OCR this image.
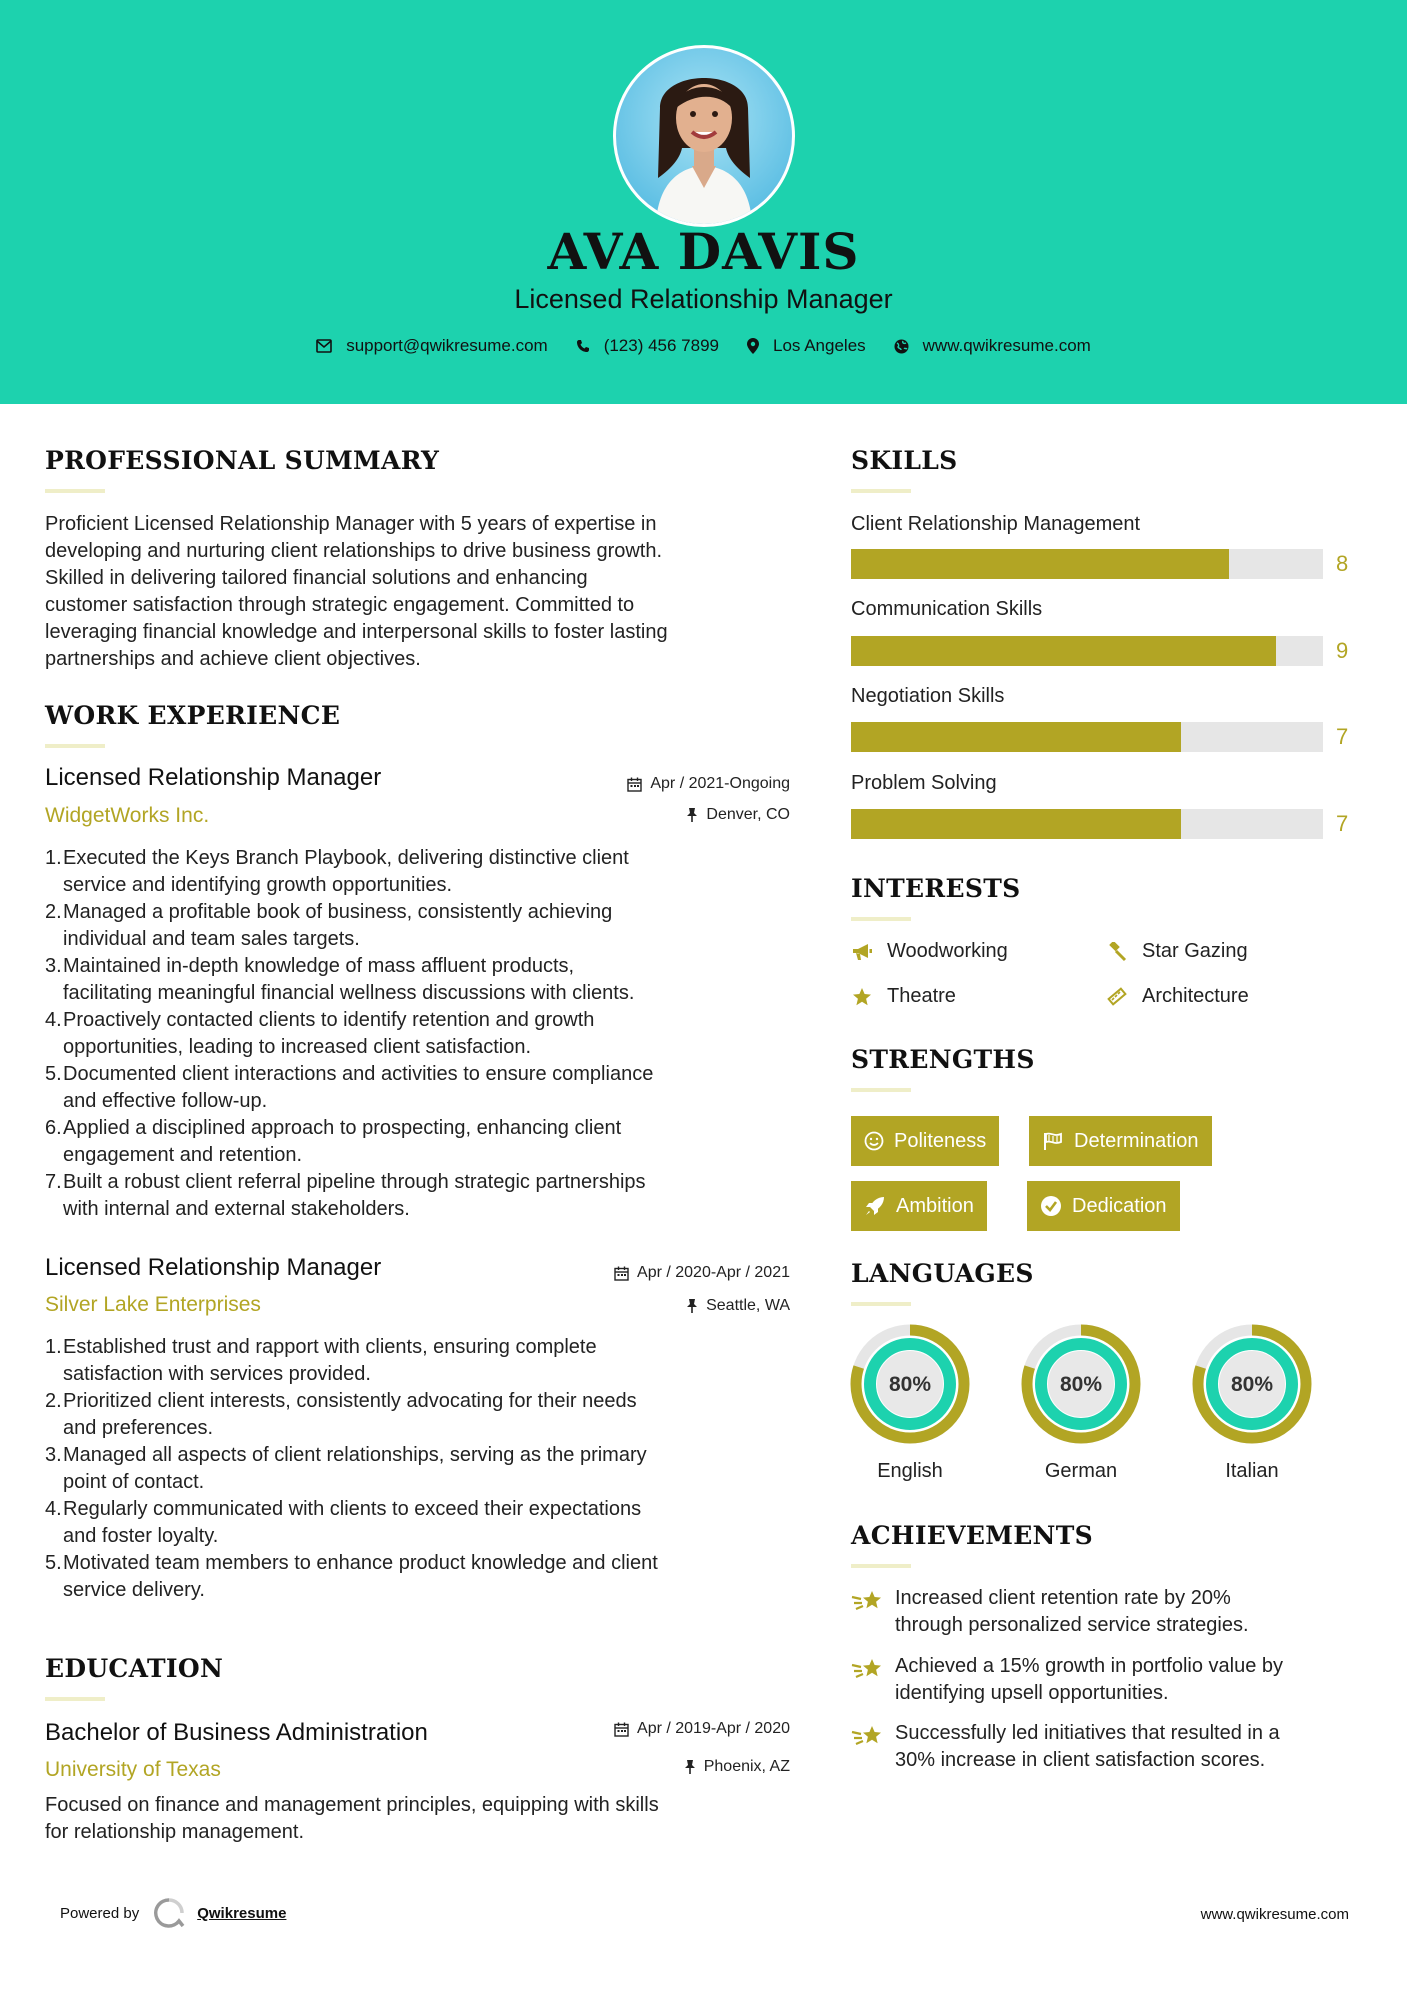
AVA DAVIS
Licensed Relationship Manager
support@qwikresume.com	(123) 456 7899	Los Angeles	www.qwikresume.com
PROFESSIONAL SUMMARY
Proficient Licensed Relationship Manager with 5 years of expertise in
developing and nurturing client relationships to drive business growth.
Skilled in delivering tailored financial solutions and enhancing
customer satisfaction through strategic engagement. Committed to
leveraging financial knowledge and interpersonal skills to foster lasting
partnerships and achieve client objectives.
WORK EXPERIENCE
Licensed Relationship Manager	Apr / 2021-Ongoing
WidgetWorks Inc.	Denver, CO
1. Executed the Keys Branch Playbook, delivering distinctive client
service and identifying growth opportunities.
2. Managed a profitable book of business, consistently achieving
individual and team sales targets.
3. Maintained in-depth knowledge of mass affluent products,
facilitating meaningful financial wellness discussions with clients.
4. Proactively contacted clients to identify retention and growth
opportunities, leading to increased client satisfaction.
5. Documented client interactions and activities to ensure compliance
and effective follow-up.
6. Applied a disciplined approach to prospecting, enhancing client
engagement and retention.
7. Built a robust client referral pipeline through strategic partnerships
with internal and external stakeholders.
Licensed Relationship Manager	Apr / 2020-Apr / 2021
Silver Lake Enterprises	Seattle, WA
1. Established trust and rapport with clients, ensuring complete
satisfaction with services provided.
2. Prioritized client interests, consistently advocating for their needs
and preferences.
3. Managed all aspects of client relationships, serving as the primary
point of contact.
4. Regularly communicated with clients to exceed their expectations
and foster loyalty.
5. Motivated team members to enhance product knowledge and client
service delivery.
EDUCATION
Bachelor of Business Administration	Apr / 2019-Apr / 2020
University of Texas	Phoenix, AZ
Focused on finance and management principles, equipping with skills
for relationship management.
SKILLS
Client Relationship Management
8
Communication Skills
9
Negotiation Skills
7
Problem Solving
7
INTERESTS
Woodworking	Star Gazing
Theatre	Architecture
STRENGTHS
Politeness	Determination
Ambition	Dedication
LANGUAGES
80%
English
80%
German
80%
Italian
ACHIEVEMENTS
Increased client retention rate by 20%
through personalized service strategies.
Achieved a 15% growth in portfolio value by
identifying upsell opportunities.
Successfully led initiatives that resulted in a
30% increase in client satisfaction scores.
Powered by	Qwikresume	www.qwikresume.com
